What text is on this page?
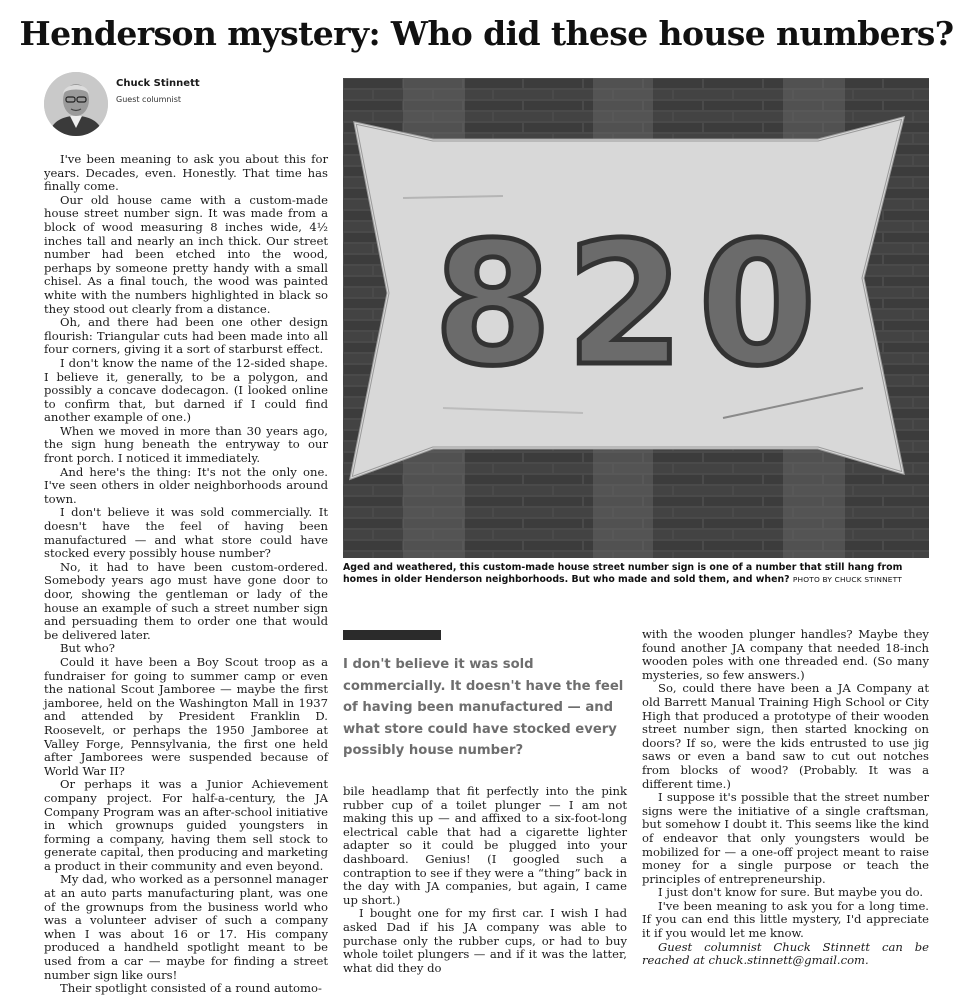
Henderson mystery: Who did these house numbers?
Chuck Stinnett
Guest columnist

I've been meaning to ask you about this for years. Decades, even. Honestly. That time has finally come.

Our old house came with a custom-made house street number sign. It was made from a block of wood measuring 8 inches wide, 4½ inches tall and nearly an inch thick. Our street number had been etched into the wood, perhaps by someone pretty handy with a small chisel. As a final touch, the wood was painted white with the numbers highlighted in black so they stood out clearly from a distance.

Oh, and there had been one other design flourish: Triangular cuts had been made into all four corners, giving it a sort of starburst effect.

I don't know the name of the 12-sided shape. I believe it, generally, to be a polygon, and possibly a concave dodecagon. (I looked online to confirm that, but darned if I could find another example of one.)

When we moved in more than 30 years ago, the sign hung beneath the entryway to our front porch. I noticed it immediately.

And here's the thing: It's not the only one. I've seen others in older neighborhoods around town.

I don't believe it was sold commercially. It doesn't have the feel of having been manufactured — and what store could have stocked every possibly house number?

No, it had to have been custom-ordered. Somebody years ago must have gone door to door, showing the gentleman or lady of the house an example of such a street number sign and persuading them to order one that would be delivered later.

But who?

Could it have been a Boy Scout troop as a fundraiser for going to summer camp or even the national Scout Jamboree — maybe the first jamboree, held on the Washington Mall in 1937 and attended by President Franklin D. Roosevelt, or perhaps the 1950 Jamboree at Valley Forge, Pennsylvania, the first one held after Jamborees were suspended because of World War II?

Or perhaps it was a Junior Achievement company project. For half-a-century, the JA Company Program was an after-school initiative in which grownups guided youngsters in forming a company, having them sell stock to generate capital, then producing and marketing a product in their community and even beyond.

My dad, who worked as a personnel manager at an auto parts manufacturing plant, was one of the grownups from the business world who was a volunteer adviser of such a company when I was about 16 or 17. His company produced a handheld spotlight meant to be used from a car — maybe for finding a street number sign like ours!

Their spotlight consisted of a round automo-

820
Aged and weathered, this custom-made house street number sign is one of a number that still hang from homes in older Henderson neighborhoods. But who made and sold them, and when? PHOTO BY CHUCK STINNETT
I don't believe it was sold commercially. It doesn't have the feel of having been manufactured — and what store could have stocked every possibly house number?

bile headlamp that fit perfectly into the pink rubber cup of a toilet plunger — I am not making this up — and affixed to a six-foot-long electrical cable that had a cigarette lighter adapter so it could be plugged into your dashboard. Genius! (I googled such a contraption to see if they were a “thing” back in the day with JA companies, but again, I came up short.)

I bought one for my first car. I wish I had asked Dad if his JA company was able to purchase only the rubber cups, or had to buy whole toilet plungers — and if it was the latter, what did they do

with the wooden plunger handles? Maybe they found another JA company that needed 18-inch wooden poles with one threaded end. (So many mysteries, so few answers.)

So, could there have been a JA Company at old Barrett Manual Training High School or City High that produced a prototype of their wooden street number sign, then started knocking on doors? If so, were the kids entrusted to use jig saws or even a band saw to cut out notches from blocks of wood? (Probably. It was a different time.)

I suppose it's possible that the street number signs were the initiative of a single craftsman, but somehow I doubt it. This seems like the kind of endeavor that only youngsters would be mobilized for — a one-off project meant to raise money for a single purpose or teach the principles of entrepreneurship.

I just don't know for sure. But maybe you do.

I've been meaning to ask you for a long time. If you can end this little mystery, I'd appreciate it if you would let me know.

Guest columnist Chuck Stinnett can be reached at chuck.stinnett@gmail.com.
